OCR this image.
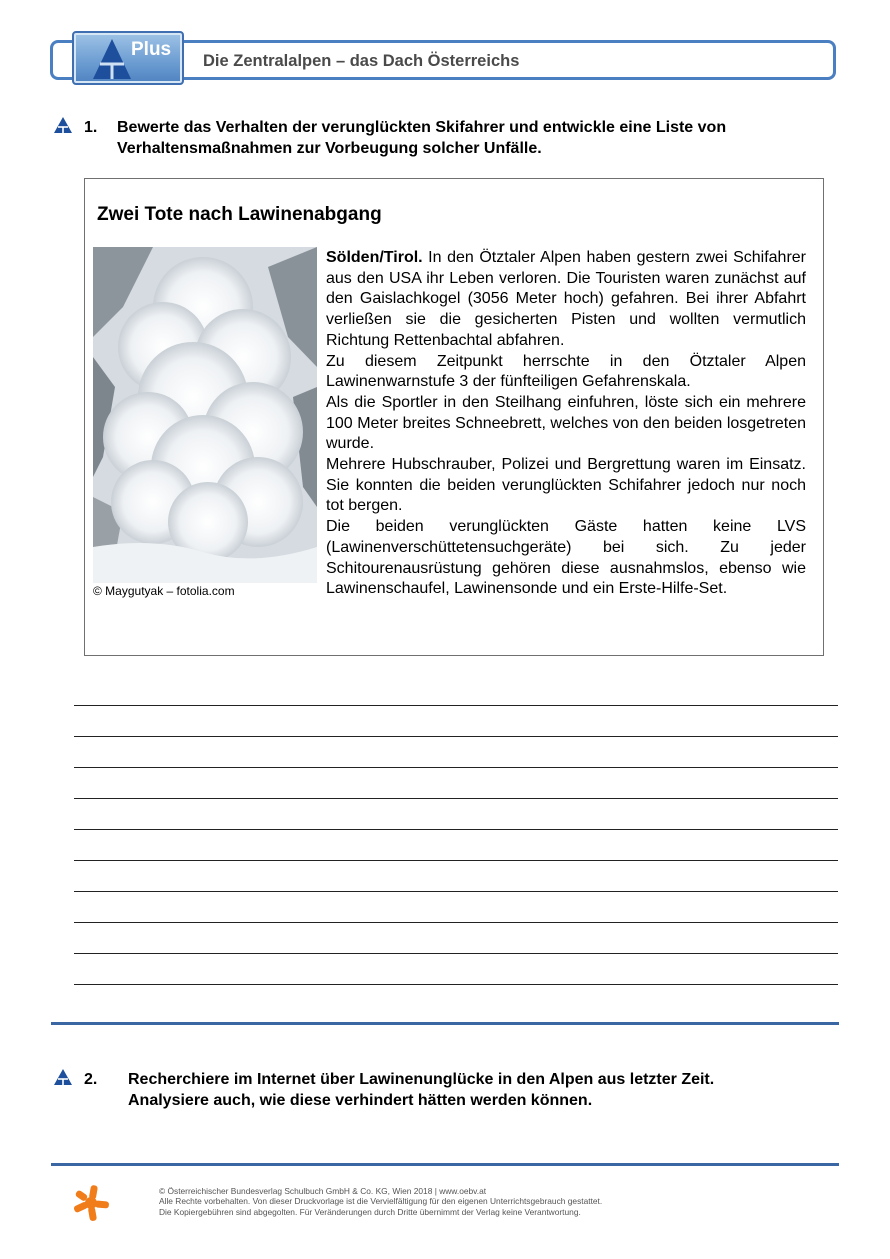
Plus
Die Zentralalpen – das Dach Österreichs
1. Bewerte das Verhalten der verunglückten Skifahrer und entwickle eine Liste von
Verhaltensmaßnahmen zur Vorbeugung solcher Unfälle.
Zwei Tote nach Lawinenabgang
© Maygutyak – fotolia.com

Sölden/Tirol. In den Ötztaler Alpen haben gestern zwei Schifahrer aus den USA ihr Leben verloren. Die Touristen waren zunächst auf den Gaislachkogel (3056 Meter hoch) gefahren. Bei ihrer Abfahrt verließen sie die gesicherten Pisten und wollten vermutlich Richtung Rettenbachtal abfahren.

Zu diesem Zeitpunkt herrschte in den Ötztaler Alpen Lawinenwarnstufe 3 der fünfteiligen Gefahrenskala.

Als die Sportler in den Steilhang einfuhren, löste sich ein mehrere 100 Meter breites Schneebrett, welches von den beiden losgetreten wurde.

Mehrere Hubschrauber, Polizei und Bergrettung waren im Einsatz. Sie konnten die beiden verunglückten Schifahrer jedoch nur noch tot bergen.

Die beiden verunglückten Gäste hatten keine LVS (Lawinenverschüttetensuchgeräte) bei sich. Zu jeder Schitourenausrüstung gehören diese ausnahmslos, ebenso wie Lawinenschaufel, Lawinensonde und ein Erste-Hilfe-Set.

2. Recherchiere im Internet über Lawinenunglücke in den Alpen aus letzter Zeit.
Analysiere auch, wie diese verhindert hätten werden können.
© Österreichischer Bundesverlag Schulbuch GmbH & Co. KG, Wien 2018 | www.oebv.at
Alle Rechte vorbehalten. Von dieser Druckvorlage ist die Vervielfältigung für den eigenen Unterrichtsgebrauch gestattet.
Die Kopiergebühren sind abgegolten. Für Veränderungen durch Dritte übernimmt der Verlag keine Verantwortung.
